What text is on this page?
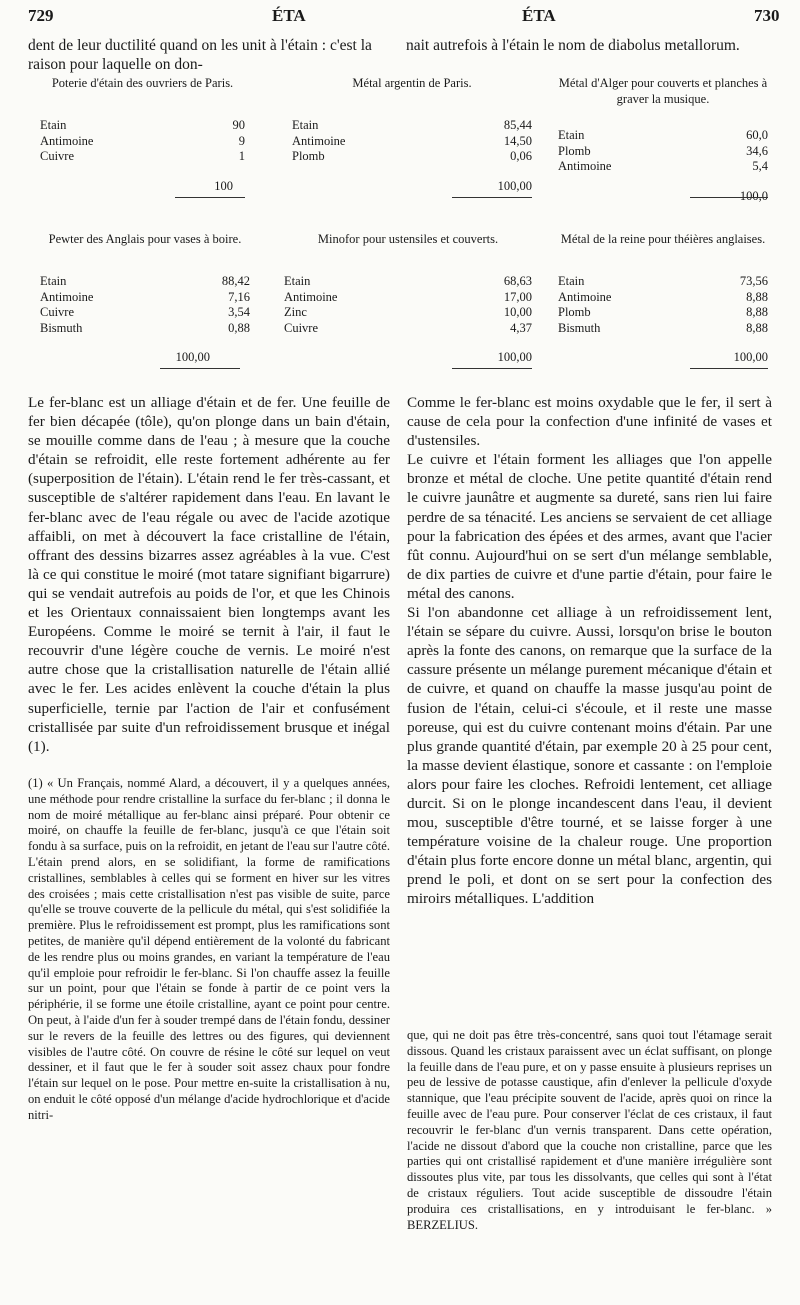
729	ÉTA	ÉTA	730
dent de leur ductilité quand on les unit à l'étain : c'est la raison pour laquelle on don-
nait autrefois à l'étain le nom de diabolus metallorum.
Poterie d'étain des ouvriers de Paris.
Etain	90
Antimoine	9
Cuivre	1
100
Métal argentin de Paris.
Etain	85,44
Antimoine	14,50
Plomb	0,06
100,00
Métal d'Alger pour couverts et planches à graver la musique.
Etain	60,0
Plomb	34,6
Antimoine	5,4
100,0
Pewter des Anglais pour vases à boire.
Etain	88,42
Antimoine	7,16
Cuivre	3,54
Bismuth	0,88
100,00
Minofor pour ustensiles et couverts.
Etain	68,63
Antimoine	17,00
Zinc	10,00
Cuivre	4,37
100,00
Métal de la reine pour théières anglaises.
Etain	73,56
Antimoine	8,88
Plomb	8,88
Bismuth	8,88
100,00
Le fer-blanc est un alliage d'étain et de fer. Une feuille de fer bien décapée (tôle), qu'on plonge dans un bain d'étain, se mouille comme dans de l'eau ; à mesure que la couche d'étain se refroidit, elle reste fortement adhérente au fer (superposition de l'étain). L'étain rend le fer très-cassant, et susceptible de s'altérer rapidement dans l'eau. En lavant le fer-blanc avec de l'eau régale ou avec de l'acide azotique affaibli, on met à découvert la face cristalline de l'étain, offrant des dessins bizarres assez agréables à la vue. C'est là ce qui constitue le moiré (mot tatare signifiant bigarrure) qui se vendait autrefois au poids de l'or, et que les Chinois et les Orientaux connaissaient bien longtemps avant les Européens. Comme le moiré se ternit à l'air, il faut le recouvrir d'une légère couche de vernis. Le moiré n'est autre chose que la cristallisation naturelle de l'étain allié avec le fer. Les acides enlèvent la couche d'étain la plus superficielle, ternie par l'action de l'air et confusément cristallisée par suite d'un refroidissement brusque et inégal (1).
(1) « Un Français, nommé Alard, a découvert, il y a quelques années, une méthode pour rendre cristalline la surface du fer-blanc ; il donna le nom de moiré métallique au fer-blanc ainsi préparé. Pour obtenir ce moiré, on chauffe la feuille de fer-blanc, jusqu'à ce que l'étain soit fondu à sa surface, puis on la refroidit, en jetant de l'eau sur l'autre côté. L'étain prend alors, en se solidifiant, la forme de ramifications cristallines, semblables à celles qui se forment en hiver sur les vitres des croisées ; mais cette cristallisation n'est pas visible de suite, parce qu'elle se trouve couverte de la pellicule du métal, qui s'est solidifiée la première. Plus le refroidissement est prompt, plus les ramifications sont petites, de manière qu'il dépend entièrement de la volonté du fabricant de les rendre plus ou moins grandes, en variant la température de l'eau qu'il emploie pour refroidir le fer-blanc. Si l'on chauffe assez la feuille sur un point, pour que l'étain se fonde à partir de ce point vers la périphérie, il se forme une étoile cristalline, ayant ce point pour centre. On peut, à l'aide d'un fer à souder trempé dans de l'étain fondu, dessiner sur le revers de la feuille des lettres ou des figures, qui deviennent visibles de l'autre côté. On couvre de résine le côté sur lequel on veut dessiner, et il faut que le fer à souder soit assez chaux pour fondre l'étain sur lequel on le pose. Pour mettre en-suite la cristallisation à nu, on enduit le côté opposé d'un mélange d'acide hydrochlorique et d'acide nitri-
Comme le fer-blanc est moins oxydable que le fer, il sert à cause de cela pour la confection d'une infinité de vases et d'ustensiles.
Le cuivre et l'étain forment les alliages que l'on appelle bronze et métal de cloche. Une petite quantité d'étain rend le cuivre jaunâtre et augmente sa dureté, sans rien lui faire perdre de sa ténacité. Les anciens se servaient de cet alliage pour la fabrication des épées et des armes, avant que l'acier fût connu. Aujourd'hui on se sert d'un mélange semblable, de dix parties de cuivre et d'une partie d'étain, pour faire le métal des canons.
Si l'on abandonne cet alliage à un refroidissement lent, l'étain se sépare du cuivre. Aussi, lorsqu'on brise le bouton après la fonte des canons, on remarque que la surface de la cassure présente un mélange purement mécanique d'étain et de cuivre, et quand on chauffe la masse jusqu'au point de fusion de l'étain, celui-ci s'écoule, et il reste une masse poreuse, qui est du cuivre contenant moins d'étain. Par une plus grande quantité d'étain, par exemple 20 à 25 pour cent, la masse devient élastique, sonore et cassante : on l'emploie alors pour faire les cloches. Refroidi lentement, cet alliage durcit. Si on le plonge incandescent dans l'eau, il devient mou, susceptible d'être tourné, et se laisse forger à une température voisine de la chaleur rouge. Une proportion d'étain plus forte encore donne un métal blanc, argentin, qui prend le poli, et dont on se sert pour la confection des miroirs métalliques. L'addition
que, qui ne doit pas être très-concentré, sans quoi tout l'étamage serait dissous. Quand les cristaux paraissent avec un éclat suffisant, on plonge la feuille dans de l'eau pure, et on y passe ensuite à plusieurs reprises un peu de lessive de potasse caustique, afin d'enlever la pellicule d'oxyde stannique, que l'eau précipite souvent de l'acide, après quoi on rince la feuille avec de l'eau pure. Pour conserver l'éclat de ces cristaux, il faut recouvrir le fer-blanc d'un vernis transparent. Dans cette opération, l'acide ne dissout d'abord que la couche non cristalline, parce que les parties qui ont cristallisé rapidement et d'une manière irrégulière sont dissoutes plus vite, par tous les dissolvants, que celles qui sont à l'état de cristaux réguliers. Tout acide susceptible de dissoudre l'étain produira ces cristallisations, en y introduisant le fer-blanc. » BERZELIUS.
